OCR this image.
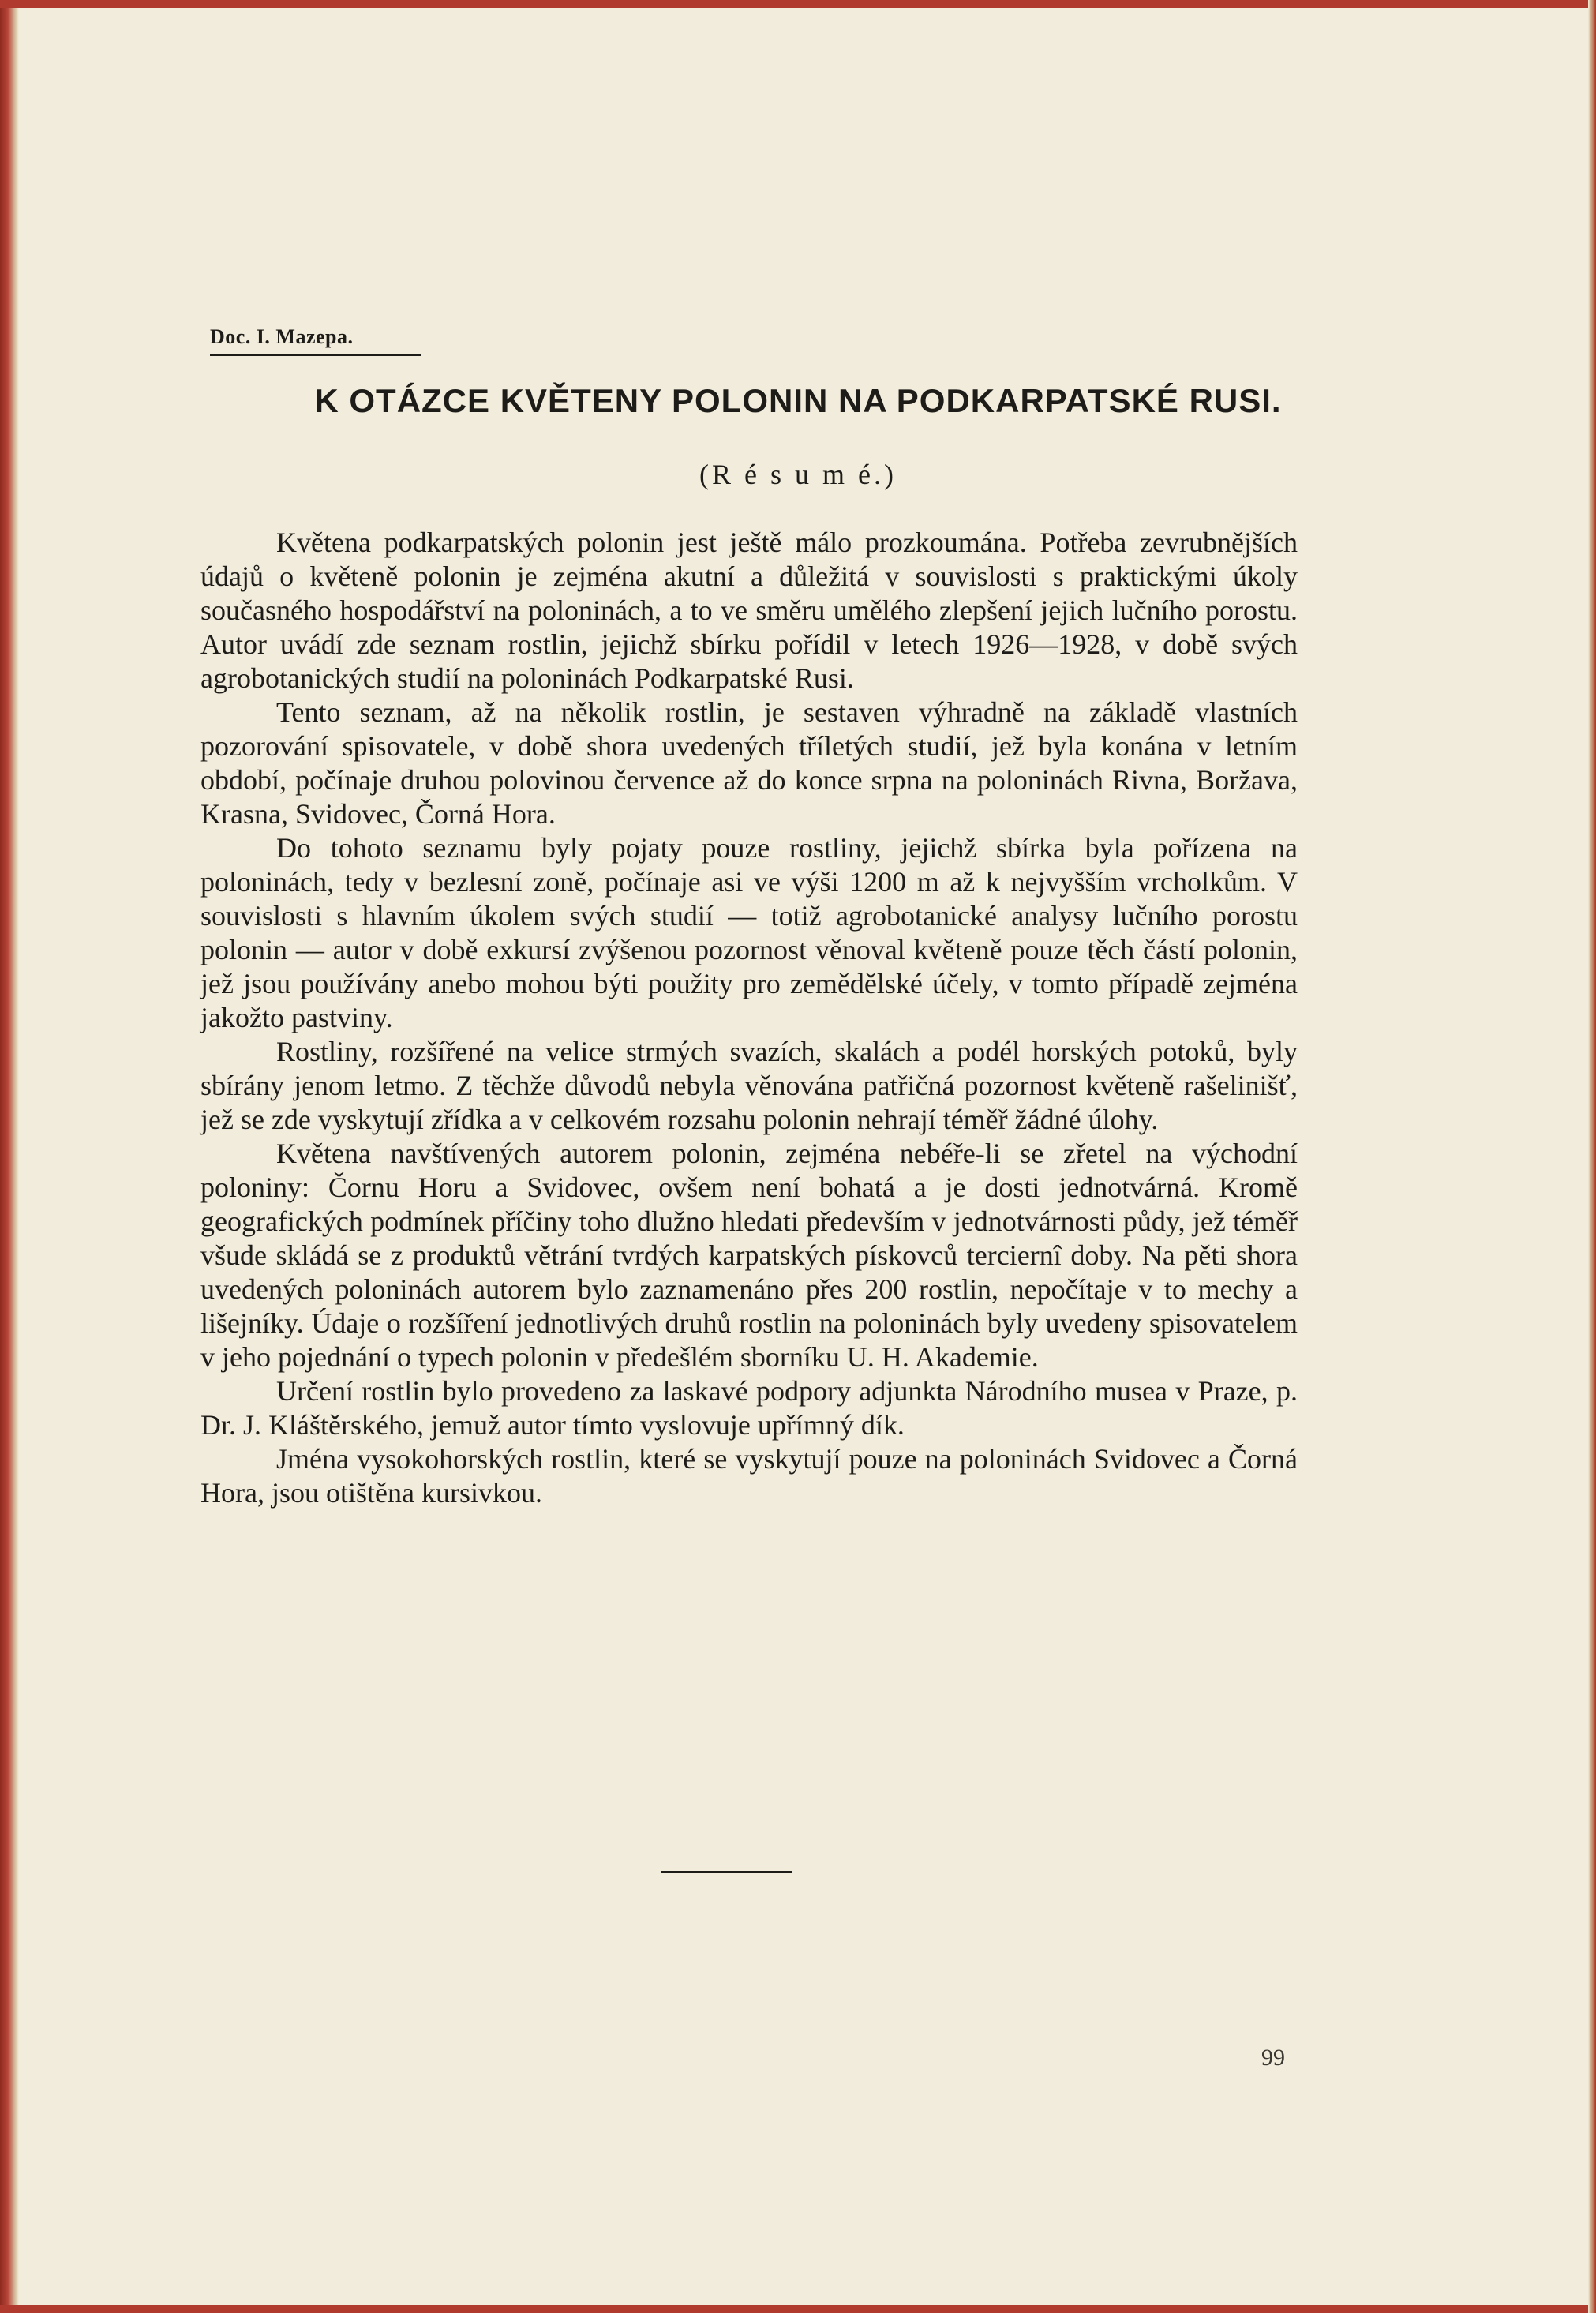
Doc. I. Mazepa.
K OTÁZCE KVĚTENY POLONIN NA PODKARPATSKÉ RUSI.
(R é s u m é.)

Květena podkarpatských polonin jest ještě málo prozkoumána. Potřeba zevrubnějších údajů o květeně polonin je zejména akutní a důležitá v souvislosti s praktickými úkoly současného hospodářství na poloninách, a to ve směru umělého zlepšení jejich lučního porostu. Autor uvádí zde seznam rostlin, jejichž sbírku pořídil v letech 1926—1928, v době svých agrobotanických studií na poloninách Podkarpatské Rusi.

Tento seznam, až na několik rostlin, je sestaven výhradně na základě vlastních pozorování spisovatele, v době shora uvedených tříletých studií, jež byla konána v letním období, počínaje druhou polovinou července až do konce srpna na poloninách Rivna, Boržava, Krasna, Svidovec, Čorná Hora.

Do tohoto seznamu byly pojaty pouze rostliny, jejichž sbírka byla pořízena na poloninách, tedy v bezlesní zoně, počínaje asi ve výši 1200 m až k nejvyšším vrcholkům. V souvislosti s hlavním úkolem svých studií — totiž agrobotanické analysy lučního porostu polonin — autor v době exkursí zvýšenou pozornost věnoval květeně pouze těch částí polonin, jež jsou používány anebo mohou býti použity pro zemědělské účely, v tomto případě zejména jakožto pastviny.

Rostliny, rozšířené na velice strmých svazích, skalách a podél horských potoků, byly sbírány jenom letmo. Z těchže důvodů nebyla věnována patřičná pozornost květeně rašelinišť, jež se zde vyskytují zřídka a v celkovém rozsahu polonin nehrají téměř žádné úlohy.

Květena navštívených autorem polonin, zejména nebéře-li se zřetel na východní poloniny: Čornu Horu a Svidovec, ovšem není bohatá a je dosti jednotvárná. Kromě geografických podmínek příčiny toho dlužno hledati především v jednotvárnosti půdy, jež téměř všude skládá se z produktů větrání tvrdých karpatských pískovců terciernî doby. Na pěti shora uvedených poloninách autorem bylo zaznamenáno přes 200 rostlin, nepočítaje v to mechy a lišejníky. Údaje o rozšíření jednotlivých druhů rostlin na poloninách byly uvedeny spisovatelem v jeho pojednání o typech polonin v předešlém sborníku U. H. Akademie.

Určení rostlin bylo provedeno za laskavé podpory adjunkta Národního musea v Praze, p. Dr. J. Kláštěrského, jemuž autor tímto vyslovuje upřímný dík.

Jména vysokohorských rostlin, které se vyskytují pouze na poloninách Svidovec a Čorná Hora, jsou otištěna kursivkou.

99
